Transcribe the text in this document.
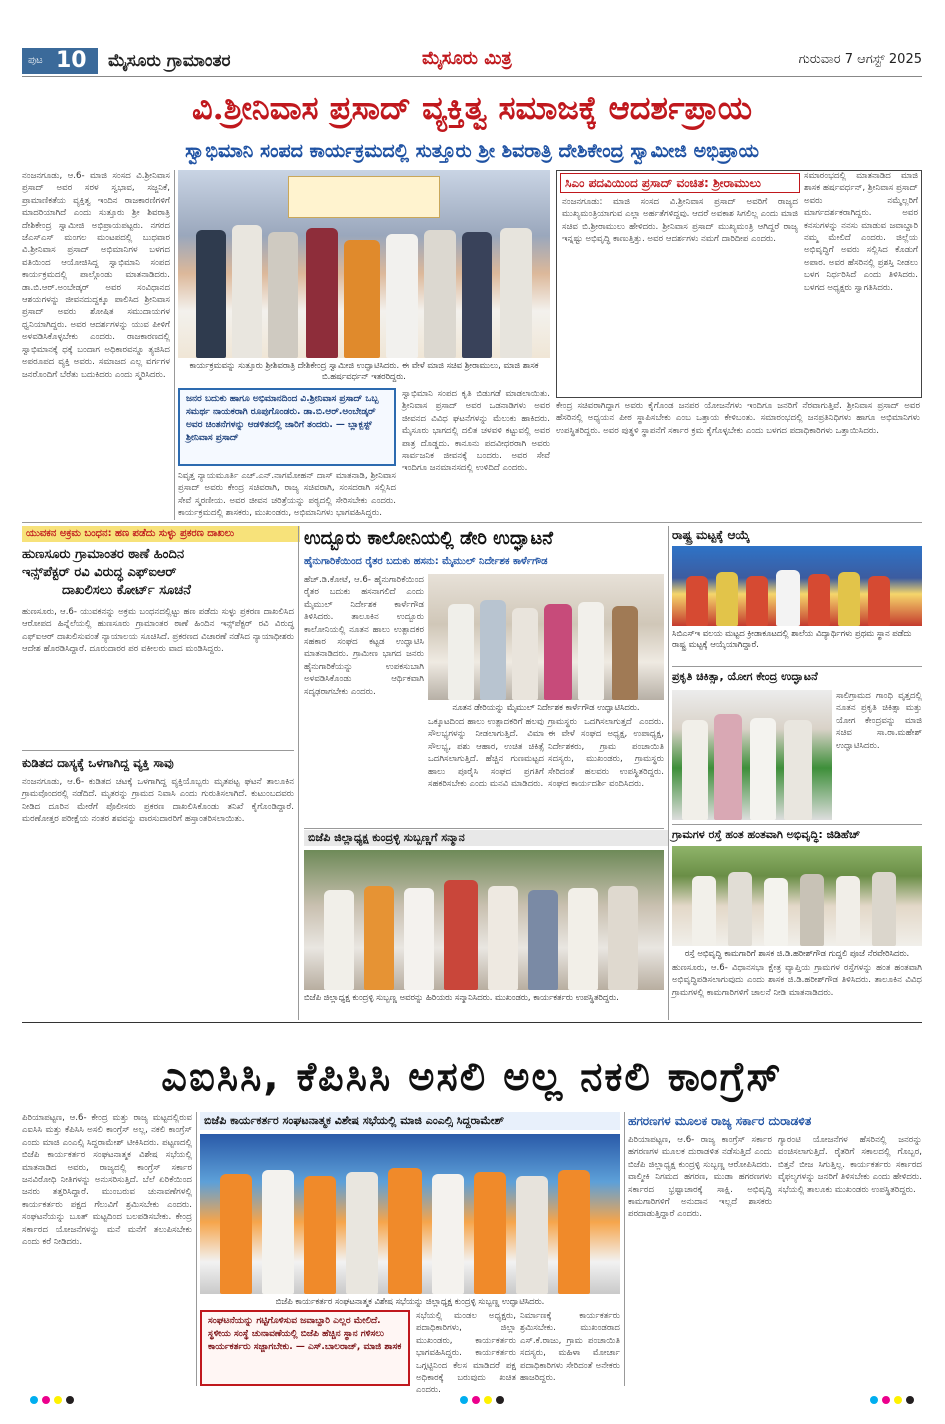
ಪುಟ 10 ಮೈಸೂರು ಗ್ರಾಮಾಂತರ	ಮೈಸೂರು ಮಿತ್ರ	ಗುರುವಾರ 7 ಆಗಸ್ಟ್ 2025
ವಿ.ಶ್ರೀನಿವಾಸ ಪ್ರಸಾದ್ ವ್ಯಕ್ತಿತ್ವ ಸಮಾಜಕ್ಕೆ ಆದರ್ಶಪ್ರಾಯ
ಸ್ವಾಭಿಮಾನಿ ಸಂಪದ ಕಾರ್ಯಕ್ರಮದಲ್ಲಿ ಸುತ್ತೂರು ಶ್ರೀ ಶಿವರಾತ್ರಿ ದೇಶಿಕೇಂದ್ರ ಸ್ವಾಮೀಜಿ ಅಭಿಪ್ರಾಯ
ನಂಜನಗೂಡು, ಆ.6- ಮಾಜಿ ಸಂಸದ ವಿ.ಶ್ರೀನಿವಾಸ ಪ್ರಸಾದ್ ಅವರ ಸರಳ ಸ್ವಭಾವ, ಸಜ್ಜನಿಕೆ, ಪ್ರಾಮಾಣಿಕತೆಯ ವ್ಯಕ್ತಿತ್ವ ಇಂದಿನ ರಾಜಕಾರಣಿಗಳಿಗೆ ಮಾದರಿಯಾಗಿದೆ ಎಂದು ಸುತ್ತೂರು ಶ್ರೀ ಶಿವರಾತ್ರಿ ದೇಶಿಕೇಂದ್ರ ಸ್ವಾಮೀಜಿ ಅಭಿಪ್ರಾಯಪಟ್ಟರು. ನಗರದ ಜೆಎಸ್‌ಎಸ್ ಮಂಗಲ ಮಂಟಪದಲ್ಲಿ ಬುಧವಾರ ವಿ.ಶ್ರೀನಿವಾಸ ಪ್ರಸಾದ್ ಅಭಿಮಾನಿಗಳ ಬಳಗದ ವತಿಯಿಂದ ಆಯೋಜಿಸಿದ್ದ ಸ್ವಾಭಿಮಾನಿ ಸಂಪದ ಕಾರ್ಯಕ್ರಮದಲ್ಲಿ ಪಾಲ್ಗೊಂಡು ಮಾತನಾಡಿದರು. ಡಾ.ಬಿ.ಆರ್.ಅಂಬೇಡ್ಕರ್ ಅವರ ಸಂವಿಧಾನದ ಆಶಯಗಳನ್ನು ಜೀವನದುದ್ದಕ್ಕೂ ಪಾಲಿಸಿದ ಶ್ರೀನಿವಾಸ ಪ್ರಸಾದ್ ಅವರು ಶೋಷಿತ ಸಮುದಾಯಗಳ ಧ್ವನಿಯಾಗಿದ್ದರು. ಅವರ ಆದರ್ಶಗಳನ್ನು ಯುವ ಪೀಳಿಗೆ ಅಳವಡಿಸಿಕೊಳ್ಳಬೇಕು ಎಂದರು. ರಾಜಕಾರಣದಲ್ಲಿ ಸ್ವಾಭಿಮಾನಕ್ಕೆ ಧಕ್ಕೆ ಬಂದಾಗ ಅಧಿಕಾರವನ್ನೂ ತ್ಯಜಿಸಿದ ಅಪರೂಪದ ವ್ಯಕ್ತಿ ಅವರು. ಸಮಾಜದ ಎಲ್ಲ ವರ್ಗಗಳ ಜನರೊಂದಿಗೆ ಬೆರೆತು ಬದುಕಿದರು ಎಂದು ಸ್ಮರಿಸಿದರು.
ಕಾರ್ಯಕ್ರಮವನ್ನು ಸುತ್ತೂರು ಶ್ರೀಶಿವರಾತ್ರಿ ದೇಶಿಕೇಂದ್ರ ಸ್ವಾಮೀಜಿ ಉದ್ಘಾಟಿಸಿದರು. ಈ ವೇಳೆ ಮಾಜಿ ಸಚಿವ ಶ್ರೀರಾಮುಲು, ಮಾಜಿ ಶಾಸಕ ಬಿ.ಹರ್ಷವರ್ಧನ್ ಇತರರಿದ್ದರು.
ಸಿಎಂ ಪದವಿಯಿಂದ ಪ್ರಸಾದ್ ವಂಚಿತ: ಶ್ರೀರಾಮುಲು
ನಂಜನಗೂಡು: ಮಾಜಿ ಸಂಸದ ವಿ.ಶ್ರೀನಿವಾಸ ಪ್ರಸಾದ್ ಅವರಿಗೆ ರಾಜ್ಯದ ಮುಖ್ಯಮಂತ್ರಿಯಾಗುವ ಎಲ್ಲಾ ಅರ್ಹತೆಗಳಿದ್ದವು. ಆದರೆ ಅವಕಾಶ ಸಿಗಲಿಲ್ಲ ಎಂದು ಮಾಜಿ ಸಚಿವ ಬಿ.ಶ್ರೀರಾಮುಲು ಹೇಳಿದರು. ಶ್ರೀನಿವಾಸ ಪ್ರಸಾದ್ ಮುಖ್ಯಮಂತ್ರಿ ಆಗಿದ್ದರೆ ರಾಜ್ಯ ಇನ್ನಷ್ಟು ಅಭಿವೃದ್ಧಿ ಕಾಣುತ್ತಿತ್ತು. ಅವರ ಆದರ್ಶಗಳು ನಮಗೆ ದಾರಿದೀಪ ಎಂದರು.
ಸಮಾರಂಭದಲ್ಲಿ ಮಾತನಾಡಿದ ಮಾಜಿ ಶಾಸಕ ಹರ್ಷವರ್ಧನ್, ಶ್ರೀನಿವಾಸ ಪ್ರಸಾದ್ ಅವರು ನಮ್ಮೆಲ್ಲರಿಗೆ ಮಾರ್ಗದರ್ಶಕರಾಗಿದ್ದರು. ಅವರ ಕನಸುಗಳನ್ನು ನನಸು ಮಾಡುವ ಜವಾಬ್ದಾರಿ ನಮ್ಮ ಮೇಲಿದೆ ಎಂದರು. ಜಿಲ್ಲೆಯ ಅಭಿವೃದ್ಧಿಗೆ ಅವರು ಸಲ್ಲಿಸಿದ ಕೊಡುಗೆ ಅಪಾರ. ಅವರ ಹೆಸರಿನಲ್ಲಿ ಪ್ರಶಸ್ತಿ ನೀಡಲು ಬಳಗ ನಿರ್ಧರಿಸಿದೆ ಎಂದು ತಿಳಿಸಿದರು. ಬಳಗದ ಅಧ್ಯಕ್ಷರು ಸ್ವಾಗತಿಸಿದರು.
ಜನರ ಬದುಕು ಹಾಗೂ ಅಭಿಮಾನದಿಂದ ವಿ.ಶ್ರೀನಿವಾಸ ಪ್ರಸಾದ್ ಒಬ್ಬ ಸಮರ್ಥ ನಾಯಕರಾಗಿ ರೂಪುಗೊಂಡರು. ಡಾ.ಬಿ.ಆರ್.ಅಂಬೇಡ್ಕರ್ ಅವರ ಚಿಂತನೆಗಳನ್ನು ಆಡಳಿತದಲ್ಲಿ ಜಾರಿಗೆ ತಂದರು. — ಬ್ಲಾಕ್ಬಸ್ಟ್ ಶ್ರೀನಿವಾಸ ಪ್ರಸಾದ್
ನಿವೃತ್ತ ನ್ಯಾಯಮೂರ್ತಿ ಎಚ್.ಎನ್.ನಾಗಮೋಹನ್ ದಾಸ್ ಮಾತನಾಡಿ, ಶ್ರೀನಿವಾಸ ಪ್ರಸಾದ್ ಅವರು ಕೇಂದ್ರ ಸಚಿವರಾಗಿ, ರಾಜ್ಯ ಸಚಿವರಾಗಿ, ಸಂಸದರಾಗಿ ಸಲ್ಲಿಸಿದ ಸೇವೆ ಸ್ಮರಣೀಯ. ಅವರ ಜೀವನ ಚರಿತ್ರೆಯನ್ನು ಪಠ್ಯದಲ್ಲಿ ಸೇರಿಸಬೇಕು ಎಂದರು. ಕಾರ್ಯಕ್ರಮದಲ್ಲಿ ಶಾಸಕರು, ಮುಖಂಡರು, ಅಭಿಮಾನಿಗಳು ಭಾಗವಹಿಸಿದ್ದರು.
ಸ್ವಾಭಿಮಾನಿ ಸಂಪದ ಕೃತಿ ಬಿಡುಗಡೆ ಮಾಡಲಾಯಿತು. ಶ್ರೀನಿವಾಸ ಪ್ರಸಾದ್ ಅವರ ಒಡನಾಡಿಗಳು ಅವರ ಜೀವನದ ವಿವಿಧ ಘಟನೆಗಳನ್ನು ಮೆಲುಕು ಹಾಕಿದರು. ಮೈಸೂರು ಭಾಗದಲ್ಲಿ ದಲಿತ ಚಳವಳಿ ಕಟ್ಟುವಲ್ಲಿ ಅವರ ಪಾತ್ರ ದೊಡ್ಡದು. ಕಾನೂನು ಪದವೀಧರರಾಗಿ ಅವರು ಸಾರ್ವಜನಿಕ ಜೀವನಕ್ಕೆ ಬಂದರು. ಅವರ ಸೇವೆ ಇಂದಿಗೂ ಜನಮಾನಸದಲ್ಲಿ ಉಳಿದಿದೆ ಎಂದರು.
ಕೇಂದ್ರ ಸಚಿವರಾಗಿದ್ದಾಗ ಅವರು ಕೈಗೊಂಡ ಜನಪರ ಯೋಜನೆಗಳು ಇಂದಿಗೂ ಜನರಿಗೆ ನೆರವಾಗುತ್ತಿವೆ. ಶ್ರೀನಿವಾಸ ಪ್ರಸಾದ್ ಅವರ ಹೆಸರಿನಲ್ಲಿ ಅಧ್ಯಯನ ಪೀಠ ಸ್ಥಾಪಿಸಬೇಕು ಎಂಬ ಒತ್ತಾಯ ಕೇಳಿಬಂತು. ಸಮಾರಂಭದಲ್ಲಿ ಜನಪ್ರತಿನಿಧಿಗಳು ಹಾಗೂ ಅಭಿಮಾನಿಗಳು ಉಪಸ್ಥಿತರಿದ್ದರು. ಅವರ ಪುತ್ಥಳಿ ಸ್ಥಾಪನೆಗೆ ಸರ್ಕಾರ ಕ್ರಮ ಕೈಗೊಳ್ಳಬೇಕು ಎಂದು ಬಳಗದ ಪದಾಧಿಕಾರಿಗಳು ಒತ್ತಾಯಿಸಿದರು.
ಯುವಕನ ಅಕ್ರಮ ಬಂಧನ: ಹಣ ಪಡೆದು ಸುಳ್ಳು ಪ್ರಕರಣ ದಾಖಲು
ಹುಣಸೂರು ಗ್ರಾಮಾಂತರ ಠಾಣೆ ಹಿಂದಿನ
ಇನ್ಸ್‌ಪೆಕ್ಟರ್ ರವಿ ವಿರುದ್ಧ ಎಫ್‌ಐಆರ್
ದಾಖಲಿಸಲು ಕೋರ್ಟ್ ಸೂಚನೆ
ಹುಣಸೂರು, ಆ.6- ಯುವಕನನ್ನು ಅಕ್ರಮ ಬಂಧನದಲ್ಲಿಟ್ಟು ಹಣ ಪಡೆದು ಸುಳ್ಳು ಪ್ರಕರಣ ದಾಖಲಿಸಿದ ಆರೋಪದ ಹಿನ್ನೆಲೆಯಲ್ಲಿ ಹುಣಸೂರು ಗ್ರಾಮಾಂತರ ಠಾಣೆ ಹಿಂದಿನ ಇನ್ಸ್‌ಪೆಕ್ಟರ್ ರವಿ ವಿರುದ್ಧ ಎಫ್‌ಐಆರ್ ದಾಖಲಿಸುವಂತೆ ನ್ಯಾಯಾಲಯ ಸೂಚಿಸಿದೆ. ಪ್ರಕರಣದ ವಿಚಾರಣೆ ನಡೆಸಿದ ನ್ಯಾಯಾಧೀಶರು ಆದೇಶ ಹೊರಡಿಸಿದ್ದಾರೆ. ದೂರುದಾರರ ಪರ ವಕೀಲರು ವಾದ ಮಂಡಿಸಿದ್ದರು.
ಕುಡಿತದ ದಾಸ್ಯಕ್ಕೆ ಒಳಗಾಗಿದ್ದ ವ್ಯಕ್ತಿ ಸಾವು
ನಂಜನಗೂಡು, ಆ.6- ಕುಡಿತದ ಚಟಕ್ಕೆ ಒಳಗಾಗಿದ್ದ ವ್ಯಕ್ತಿಯೊಬ್ಬರು ಮೃತಪಟ್ಟ ಘಟನೆ ತಾಲೂಕಿನ ಗ್ರಾಮವೊಂದರಲ್ಲಿ ನಡೆದಿದೆ. ಮೃತರನ್ನು ಗ್ರಾಮದ ನಿವಾಸಿ ಎಂದು ಗುರುತಿಸಲಾಗಿದೆ. ಕುಟುಂಬದವರು ನೀಡಿದ ದೂರಿನ ಮೇರೆಗೆ ಪೊಲೀಸರು ಪ್ರಕರಣ ದಾಖಲಿಸಿಕೊಂಡು ತನಿಖೆ ಕೈಗೊಂಡಿದ್ದಾರೆ. ಮರಣೋತ್ತರ ಪರೀಕ್ಷೆಯ ನಂತರ ಶವವನ್ನು ವಾರಸುದಾರರಿಗೆ ಹಸ್ತಾಂತರಿಸಲಾಯಿತು.
ಉದ್ಬೂರು ಕಾಲೋನಿಯಲ್ಲಿ ಡೇರಿ ಉದ್ಘಾಟನೆ
ಹೈನುಗಾರಿಕೆಯಿಂದ ರೈತರ ಬದುಕು ಹಸನು: ಮೈಮುಲ್ ನಿರ್ದೇಶಕ ಕಾರ್ಳೆಗೌಡ
ಹೆಚ್.ಡಿ.ಕೋಟೆ, ಆ.6- ಹೈನುಗಾರಿಕೆಯಿಂದ ರೈತರ ಬದುಕು ಹಸನಾಗಲಿದೆ ಎಂದು ಮೈಮುಲ್ ನಿರ್ದೇಶಕ ಕಾರ್ಳೆಗೌಡ ತಿಳಿಸಿದರು. ತಾಲೂಕಿನ ಉದ್ಬೂರು ಕಾಲೋನಿಯಲ್ಲಿ ನೂತನ ಹಾಲು ಉತ್ಪಾದಕರ ಸಹಕಾರ ಸಂಘದ ಕಟ್ಟಡ ಉದ್ಘಾಟಿಸಿ ಮಾತನಾಡಿದರು. ಗ್ರಾಮೀಣ ಭಾಗದ ಜನರು ಹೈನುಗಾರಿಕೆಯನ್ನು ಉಪಕಸುಬಾಗಿ ಅಳವಡಿಸಿಕೊಂಡು ಆರ್ಥಿಕವಾಗಿ ಸದೃಢರಾಗಬೇಕು ಎಂದರು.
ನೂತನ ಡೇರಿಯನ್ನು ಮೈಮುಲ್ ನಿರ್ದೇಶಕ ಕಾರ್ಳೆಗೌಡ ಉದ್ಘಾಟಿಸಿದರು.
ಒಕ್ಕೂಟದಿಂದ ಹಾಲು ಉತ್ಪಾದಕರಿಗೆ ಹಲವು ಸೌಲಭ್ಯಗಳನ್ನು ನೀಡಲಾಗುತ್ತಿದೆ. ವಿಮಾ ಸೌಲಭ್ಯ, ಪಶು ಆಹಾರ, ಉಚಿತ ಚಿಕಿತ್ಸೆ ಒದಗಿಸಲಾಗುತ್ತಿದೆ. ಹೆಚ್ಚಿನ ಗುಣಮಟ್ಟದ ಹಾಲು ಪೂರೈಸಿ ಸಂಘದ ಪ್ರಗತಿಗೆ ಸಹಕರಿಸಬೇಕು ಎಂದು ಮನವಿ ಮಾಡಿದರು.
ಗ್ರಾಮಸ್ಥರು ಒದಗಿಸಲಾಗುತ್ತದೆ ಎಂದರು. ಈ ವೇಳೆ ಸಂಘದ ಅಧ್ಯಕ್ಷ, ಉಪಾಧ್ಯಕ್ಷ, ನಿರ್ದೇಶಕರು, ಗ್ರಾಮ ಪಂಚಾಯಿತಿ ಸದಸ್ಯರು, ಮುಖಂಡರು, ಗ್ರಾಮಸ್ಥರು ಸೇರಿದಂತೆ ಹಲವರು ಉಪಸ್ಥಿತರಿದ್ದರು. ಸಂಘದ ಕಾರ್ಯದರ್ಶಿ ವಂದಿಸಿದರು.
ಬಿಜೆಪಿ ಜಿಲ್ಲಾಧ್ಯಕ್ಷ ಕುಂದ್ರಳ್ಳಿ ಸುಬ್ಬಣ್ಣಗೆ ಸನ್ಮಾನ
ಬಿಜೆಪಿ ಜಿಲ್ಲಾಧ್ಯಕ್ಷ ಕುಂದ್ರಳ್ಳಿ ಸುಬ್ಬಣ್ಣ ಅವರನ್ನು ಹಿರಿಯರು ಸನ್ಮಾನಿಸಿದರು. ಮುಖಂಡರು, ಕಾರ್ಯಕರ್ತರು ಉಪಸ್ಥಿತರಿದ್ದರು.
ರಾಷ್ಟ್ರ ಮಟ್ಟಕ್ಕೆ ಆಯ್ಕೆ
ಸಿಬಿಎಸ್‌ಇ ವಲಯ ಮಟ್ಟದ ಕ್ರೀಡಾಕೂಟದಲ್ಲಿ ಶಾಲೆಯ ವಿದ್ಯಾರ್ಥಿಗಳು ಪ್ರಥಮ ಸ್ಥಾನ ಪಡೆದು ರಾಷ್ಟ್ರ ಮಟ್ಟಕ್ಕೆ ಆಯ್ಕೆಯಾಗಿದ್ದಾರೆ.
ಪ್ರಕೃತಿ ಚಿಕಿತ್ಸಾ, ಯೋಗ ಕೇಂದ್ರ ಉದ್ಘಾಟನೆ
ಸಾಲಿಗ್ರಾಮದ ಗಾಂಧಿ ವೃತ್ತದಲ್ಲಿ ನೂತನ ಪ್ರಕೃತಿ ಚಿಕಿತ್ಸಾ ಮತ್ತು ಯೋಗ ಕೇಂದ್ರವನ್ನು ಮಾಜಿ ಸಚಿವ ಸಾ.ರಾ.ಮಹೇಶ್ ಉದ್ಘಾಟಿಸಿದರು.
ಗ್ರಾಮಗಳ ರಸ್ತೆ ಹಂತ ಹಂತವಾಗಿ ಅಭಿವೃದ್ಧಿ: ಜಿಡಿಹೆಚ್
ರಸ್ತೆ ಅಭಿವೃದ್ಧಿ ಕಾಮಗಾರಿಗೆ ಶಾಸಕ ಜಿ.ಡಿ.ಹರೀಶ್‌ಗೌಡ ಗುದ್ದಲಿ ಪೂಜೆ ನೆರವೇರಿಸಿದರು.
ಹುಣಸೂರು, ಆ.6- ವಿಧಾನಸಭಾ ಕ್ಷೇತ್ರ ವ್ಯಾಪ್ತಿಯ ಗ್ರಾಮಗಳ ರಸ್ತೆಗಳನ್ನು ಹಂತ ಹಂತವಾಗಿ ಅಭಿವೃದ್ಧಿಪಡಿಸಲಾಗುವುದು ಎಂದು ಶಾಸಕ ಜಿ.ಡಿ.ಹರೀಶ್‌ಗೌಡ ತಿಳಿಸಿದರು. ತಾಲೂಕಿನ ವಿವಿಧ ಗ್ರಾಮಗಳಲ್ಲಿ ಕಾಮಗಾರಿಗಳಿಗೆ ಚಾಲನೆ ನೀಡಿ ಮಾತನಾಡಿದರು.
ಎಐಸಿಸಿ, ಕೆಪಿಸಿಸಿ ಅಸಲಿ ಅಲ್ಲ ನಕಲಿ ಕಾಂಗ್ರೆಸ್
ಪಿರಿಯಾಪಟ್ಟಣ, ಆ.6- ಕೇಂದ್ರ ಮತ್ತು ರಾಜ್ಯ ಮಟ್ಟದಲ್ಲಿರುವ ಎಐಸಿಸಿ ಮತ್ತು ಕೆಪಿಸಿಸಿ ಅಸಲಿ ಕಾಂಗ್ರೆಸ್ ಅಲ್ಲ, ನಕಲಿ ಕಾಂಗ್ರೆಸ್ ಎಂದು ಮಾಜಿ ಎಂಎಲ್ಸಿ ಸಿದ್ದರಾಮೇಶ್ ಟೀಕಿಸಿದರು. ಪಟ್ಟಣದಲ್ಲಿ ಬಿಜೆಪಿ ಕಾರ್ಯಕರ್ತರ ಸಂಘಟನಾತ್ಮಕ ವಿಶೇಷ ಸಭೆಯಲ್ಲಿ ಮಾತನಾಡಿದ ಅವರು, ರಾಜ್ಯದಲ್ಲಿ ಕಾಂಗ್ರೆಸ್ ಸರ್ಕಾರ ಜನವಿರೋಧಿ ನೀತಿಗಳನ್ನು ಅನುಸರಿಸುತ್ತಿದೆ. ಬೆಲೆ ಏರಿಕೆಯಿಂದ ಜನರು ತತ್ತರಿಸಿದ್ದಾರೆ. ಮುಂಬರುವ ಚುನಾವಣೆಗಳಲ್ಲಿ ಕಾರ್ಯಕರ್ತರು ಪಕ್ಷದ ಗೆಲುವಿಗೆ ಶ್ರಮಿಸಬೇಕು ಎಂದರು. ಸಂಘಟನೆಯನ್ನು ಬೂತ್ ಮಟ್ಟದಿಂದ ಬಲಪಡಿಸಬೇಕು. ಕೇಂದ್ರ ಸರ್ಕಾರದ ಯೋಜನೆಗಳನ್ನು ಮನೆ ಮನೆಗೆ ತಲುಪಿಸಬೇಕು ಎಂದು ಕರೆ ನೀಡಿದರು.
ಬಿಜೆಪಿ ಕಾರ್ಯಕರ್ತರ ಸಂಘಟನಾತ್ಮಕ ವಿಶೇಷ ಸಭೆಯಲ್ಲಿ ಮಾಜಿ ಎಂಎಲ್ಸಿ ಸಿದ್ದರಾಮೇಶ್
ಬಿಜೆಪಿ ಕಾರ್ಯಕರ್ತರ ಸಂಘಟನಾತ್ಮಕ ವಿಶೇಷ ಸಭೆಯನ್ನು ಜಿಲ್ಲಾಧ್ಯಕ್ಷ ಕುಂದ್ರಳ್ಳಿ ಸುಬ್ಬಣ್ಣ ಉದ್ಘಾಟಿಸಿದರು.
ಸಂಘಟನೆಯನ್ನು ಗಟ್ಟಿಗೊಳಿಸುವ ಜವಾಬ್ದಾರಿ ಎಲ್ಲರ ಮೇಲಿದೆ. ಸ್ಥಳೀಯ ಸಂಸ್ಥೆ ಚುನಾವಣೆಯಲ್ಲಿ ಬಿಜೆಪಿ ಹೆಚ್ಚಿನ ಸ್ಥಾನ ಗಳಿಸಲು ಕಾರ್ಯಕರ್ತರು ಸಜ್ಜಾಗಬೇಕು. — ಎಸ್.ಬಾಲರಾಜ್, ಮಾಜಿ ಶಾಸಕ
ಸಭೆಯಲ್ಲಿ ಮಂಡಲ ಅಧ್ಯಕ್ಷರು, ಪದಾಧಿಕಾರಿಗಳು, ಜಿಲ್ಲಾ ಮುಖಂಡರು, ಕಾರ್ಯಕರ್ತರು ಭಾಗವಹಿಸಿದ್ದರು. ಕಾರ್ಯಕರ್ತರು ಒಗ್ಗಟ್ಟಿನಿಂದ ಕೆಲಸ ಮಾಡಿದರೆ ಪಕ್ಷ ಅಧಿಕಾರಕ್ಕೆ ಬರುವುದು ಖಚಿತ ಎಂದರು.
ನಿರ್ಮಾಣಕ್ಕೆ ಕಾರ್ಯಕರ್ತರು ಶ್ರಮಿಸಬೇಕು. ಮುಖಂಡರಾದ ಎಸ್.ಕೆ.ರಾಜು, ಗ್ರಾಮ ಪಂಚಾಯಿತಿ ಸದಸ್ಯರು, ಮಹಿಳಾ ಮೋರ್ಚಾ ಪದಾಧಿಕಾರಿಗಳು ಸೇರಿದಂತೆ ಅನೇಕರು ಹಾಜರಿದ್ದರು.
ಹಗರಣಗಳ ಮೂಲಕ ರಾಜ್ಯ ಸರ್ಕಾರ ದುರಾಡಳಿತ
ಪಿರಿಯಾಪಟ್ಟಣ, ಆ.6- ರಾಜ್ಯ ಕಾಂಗ್ರೆಸ್ ಸರ್ಕಾರ ಹಗರಣಗಳ ಮೂಲಕ ದುರಾಡಳಿತ ನಡೆಸುತ್ತಿದೆ ಎಂದು ಬಿಜೆಪಿ ಜಿಲ್ಲಾಧ್ಯಕ್ಷ ಕುಂದ್ರಳ್ಳಿ ಸುಬ್ಬಣ್ಣ ಆರೋಪಿಸಿದರು. ವಾಲ್ಮೀಕಿ ನಿಗಮದ ಹಗರಣ, ಮುಡಾ ಹಗರಣಗಳು ಸರ್ಕಾರದ ಭ್ರಷ್ಟಾಚಾರಕ್ಕೆ ಸಾಕ್ಷಿ. ಅಭಿವೃದ್ಧಿ ಕಾಮಗಾರಿಗಳಿಗೆ ಅನುದಾನ ಇಲ್ಲದೆ ಶಾಸಕರು ಪರದಾಡುತ್ತಿದ್ದಾರೆ ಎಂದರು.
ಗ್ಯಾರಂಟಿ ಯೋಜನೆಗಳ ಹೆಸರಿನಲ್ಲಿ ಜನರನ್ನು ವಂಚಿಸಲಾಗುತ್ತಿದೆ. ರೈತರಿಗೆ ಸಕಾಲದಲ್ಲಿ ಗೊಬ್ಬರ, ಬಿತ್ತನೆ ಬೀಜ ಸಿಗುತ್ತಿಲ್ಲ. ಕಾರ್ಯಕರ್ತರು ಸರ್ಕಾರದ ವೈಫಲ್ಯಗಳನ್ನು ಜನರಿಗೆ ತಿಳಿಸಬೇಕು ಎಂದು ಹೇಳಿದರು. ಸಭೆಯಲ್ಲಿ ತಾಲೂಕು ಮುಖಂಡರು ಉಪಸ್ಥಿತರಿದ್ದರು.
